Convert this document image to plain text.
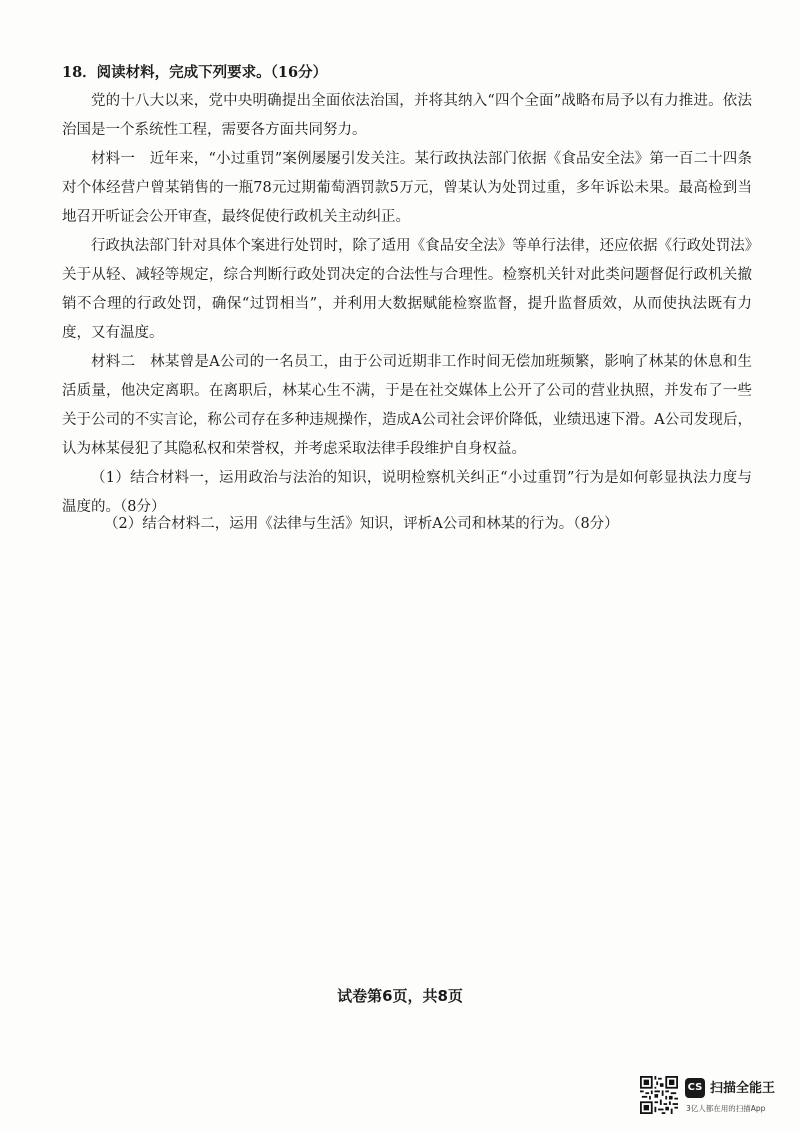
18．阅读材料，完成下列要求。（16分）

党的十八大以来，党中央明确提出全面依法治国，并将其纳入“四个全面”战略布局予以有力推进。依法治国是一个系统性工程，需要各方面共同努力。

材料一　近年来，“小过重罚”案例屡屡引发关注。某行政执法部门依据《食品安全法》第一百二十四条对个体经营户曾某销售的一瓶78元过期葡萄酒罚款5万元，曾某认为处罚过重，多年诉讼未果。最高检到当地召开听证会公开审查，最终促使行政机关主动纠正。

行政执法部门针对具体个案进行处罚时，除了适用《食品安全法》等单行法律，还应依据《行政处罚法》关于从轻、减轻等规定，综合判断行政处罚决定的合法性与合理性。检察机关针对此类问题督促行政机关撤销不合理的行政处罚，确保“过罚相当”，并利用大数据赋能检察监督，提升监督质效，从而使执法既有力度，又有温度。

材料二　林某曾是A公司的一名员工，由于公司近期非工作时间无偿加班频繁，影响了林某的休息和生活质量，他决定离职。在离职后，林某心生不满，于是在社交媒体上公开了公司的营业执照，并发布了一些关于公司的不实言论，称公司存在多种违规操作，造成A公司社会评价降低，业绩迅速下滑。A公司发现后，认为林某侵犯了其隐私权和荣誉权，并考虑采取法律手段维护自身权益。

（1）结合材料一，运用政治与法治的知识，说明检察机关纠正“小过重罚”行为是如何彰显执法力度与温度的。（8分）

（2）结合材料二，运用《法律与生活》知识，评析A公司和林某的行为。（8分）

试卷第6页，共8页
CS 扫描全能王
3亿人都在用的扫描App
